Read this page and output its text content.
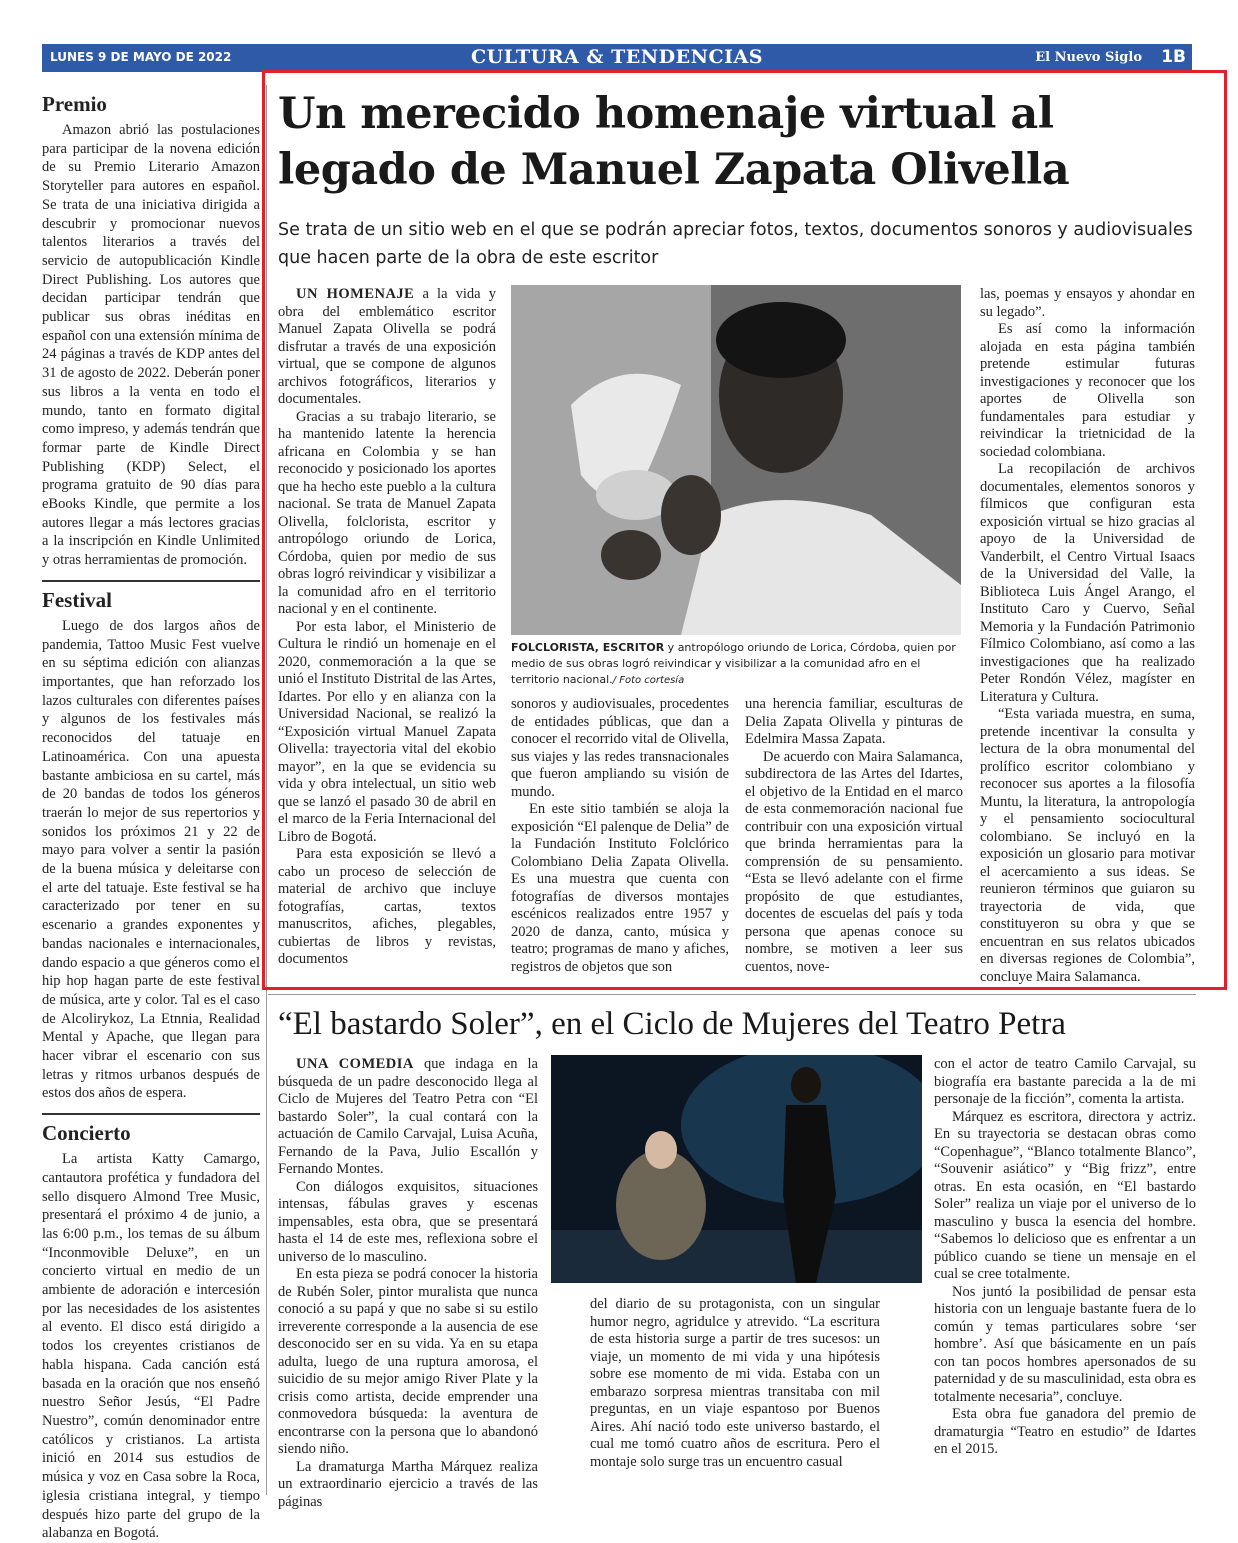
LUNES 9 DE MAYO DE 2022	CULTURA & TENDENCIAS	El Nuevo Siglo 1B
Premio

Amazon abrió las postulaciones para participar de la novena edición de su Premio Literario Amazon Storyteller para autores en español. Se trata de una iniciativa dirigida a descubrir y promocionar nuevos talentos literarios a través del servicio de autopublicación Kindle Direct Publishing. Los autores que decidan participar tendrán que publicar sus obras inéditas en español con una extensión mínima de 24 páginas a través de KDP antes del 31 de agosto de 2022. Deberán poner sus libros a la venta en todo el mundo, tanto en formato digital como impreso, y además tendrán que formar parte de Kindle Direct Publishing (KDP) Select, el programa gratuito de 90 días para eBooks Kindle, que permite a los autores llegar a más lectores gracias a la inscripción en Kindle Unlimited y otras herramientas de promoción.

Festival

Luego de dos largos años de pandemia, Tattoo Music Fest vuelve en su séptima edición con alianzas importantes, que han reforzado los lazos culturales con diferentes países y algunos de los festivales más reconocidos del tatuaje en Latinoamérica. Con una apuesta bastante ambiciosa en su cartel, más de 20 bandas de todos los géneros traerán lo mejor de sus repertorios y sonidos los próximos 21 y 22 de mayo para volver a sentir la pasión de la buena música y deleitarse con el arte del tatuaje. Este festival se ha caracterizado por tener en su escenario a grandes exponentes y bandas nacionales e internacionales, dando espacio a que géneros como el hip hop hagan parte de este festival de música, arte y color. Tal es el caso de Alcolirykoz, La Etnnia, Realidad Mental y Apache, que llegan para hacer vibrar el escenario con sus letras y ritmos urbanos después de estos dos años de espera.

Concierto

La artista Katty Camargo, cantautora profética y fundadora del sello disquero Almond Tree Music, presentará el próximo 4 de junio, a las 6:00 p.m., los temas de su álbum “Inconmovible Deluxe”, en un concierto virtual en medio de un ambiente de adoración e intercesión por las necesidades de los asistentes al evento. El disco está dirigido a todos los creyentes cristianos de habla hispana. Cada canción está basada en la oración que nos enseñó nuestro Señor Jesús, “El Padre Nuestro”, común denominador entre católicos y cristianos. La artista inició en 2014 sus estudios de música y voz en Casa sobre la Roca, iglesia cristiana integral, y tiempo después hizo parte del grupo de la alabanza en Bogotá.

Un merecido homenaje virtual al legado de Manuel Zapata Olivella
Se trata de un sitio web en el que se podrán apreciar fotos, textos, documentos sonoros y audiovisuales que hacen parte de la obra de este escritor

UN HOMENAJE a la vida y obra del emblemático escritor Manuel Zapata Olivella se podrá disfrutar a través de una exposición virtual, que se compone de algunos archivos fotográficos, literarios y documentales.

Gracias a su trabajo literario, se ha mantenido latente la herencia africana en Colombia y se han reconocido y posicionado los aportes que ha hecho este pueblo a la cultura nacional. Se trata de Manuel Zapata Olivella, folclorista, escritor y antropólogo oriundo de Lorica, Córdoba, quien por medio de sus obras logró reivindicar y visibilizar a la comunidad afro en el territorio nacional y en el continente.

Por esta labor, el Ministerio de Cultura le rindió un homenaje en el 2020, conmemoración a la que se unió el Instituto Distrital de las Artes, Idartes. Por ello y en alianza con la Universidad Nacional, se realizó la “Exposición virtual Manuel Zapata Olivella: trayectoria vital del ekobio mayor”, en la que se evidencia su vida y obra intelectual, un sitio web que se lanzó el pasado 30 de abril en el marco de la Feria Internacional del Libro de Bogotá.

Para esta exposición se llevó a cabo un proceso de selección de material de archivo que incluye fotografías, cartas, textos manuscritos, afiches, plegables, cubiertas de libros y revistas, documentos

FOLCLORISTA, ESCRITOR y antropólogo oriundo de Lorica, Córdoba, quien por medio de sus obras logró reivindicar y visibilizar a la comunidad afro en el territorio nacional./ Foto cortesía

sonoros y audiovisuales, procedentes de entidades públicas, que dan a conocer el recorrido vital de Olivella, sus viajes y las redes transnacionales que fueron ampliando su visión de mundo.

En este sitio también se aloja la exposición “El palenque de Delia” de la Fundación Instituto Folclórico Colombiano Delia Zapata Olivella. Es una muestra que cuenta con fotografías de diversos montajes escénicos realizados entre 1957 y 2020 de danza, canto, música y teatro; programas de mano y afiches, registros de objetos que son

una herencia familiar, esculturas de Delia Zapata Olivella y pinturas de Edelmira Massa Zapata.

De acuerdo con Maira Salamanca, subdirectora de las Artes del Idartes, el objetivo de la Entidad en el marco de esta conmemoración nacional fue contribuir con una exposición virtual que brinda herramientas para la comprensión de su pensamiento. “Esta se llevó adelante con el firme propósito de que estudiantes, docentes de escuelas del país y toda persona que apenas conoce su nombre, se motiven a leer sus cuentos, nove-

las, poemas y ensayos y ahondar en su legado”.

Es así como la información alojada en esta página también pretende estimular futuras investigaciones y reconocer que los aportes de Olivella son fundamentales para estudiar y reivindicar la trietnicidad de la sociedad colombiana.

La recopilación de archivos documentales, elementos sonoros y fílmicos que configuran esta exposición virtual se hizo gracias al apoyo de la Universidad de Vanderbilt, el Centro Virtual Isaacs de la Universidad del Valle, la Biblioteca Luis Ángel Arango, el Instituto Caro y Cuervo, Señal Memoria y la Fundación Patrimonio Fílmico Colombiano, así como a las investigaciones que ha realizado Peter Rondón Vélez, magíster en Literatura y Cultura.

“Esta variada muestra, en suma, pretende incentivar la consulta y lectura de la obra monumental del prolífico escritor colombiano y reconocer sus aportes a la filosofía Muntu, la literatura, la antropología y el pensamiento sociocultural colombiano. Se incluyó en la exposición un glosario para motivar el acercamiento a sus ideas. Se reunieron términos que guiaron su trayectoria de vida, que constituyeron su obra y que se encuentran en sus relatos ubicados en diversas regiones de Colombia”, concluye Maira Salamanca.

“El bastardo Soler”, en el Ciclo de Mujeres del Teatro Petra

UNA COMEDIA que indaga en la búsqueda de un padre desconocido llega al Ciclo de Mujeres del Teatro Petra con “El bastardo Soler”, la cual contará con la actuación de Camilo Carvajal, Luisa Acuña, Fernando de la Pava, Julio Escallón y Fernando Montes.

Con diálogos exquisitos, situaciones intensas, fábulas graves y escenas impensables, esta obra, que se presentará hasta el 14 de este mes, reflexiona sobre el universo de lo masculino.

En esta pieza se podrá conocer la historia de Rubén Soler, pintor muralista que nunca conoció a su papá y que no sabe si su estilo irreverente corresponde a la ausencia de ese desconocido ser en su vida. Ya en su etapa adulta, luego de una ruptura amorosa, el suicidio de su mejor amigo River Plate y la crisis como artista, decide emprender una conmovedora búsqueda: la aventura de encontrarse con la persona que lo abandonó siendo niño.

La dramaturga Martha Márquez realiza un extraordinario ejercicio a través de las páginas

del diario de su protagonista, con un singular humor negro, agridulce y atrevido. “La escritura de esta historia surge a partir de tres sucesos: un viaje, un momento de mi vida y una hipótesis sobre ese momento de mi vida. Estaba con un embarazo sorpresa mientras transitaba con mil preguntas, en un viaje espantoso por Buenos Aires. Ahí nació todo este universo bastardo, el cual me tomó cuatro años de escritura. Pero el montaje solo surge tras un encuentro casual

con el actor de teatro Camilo Carvajal, su biografía era bastante parecida a la de mi personaje de la ficción”, comenta la artista.

Márquez es escritora, directora y actriz. En su trayectoria se destacan obras como “Copenhague”, “Blanco totalmente Blanco”, “Souvenir asiático” y “Big frizz”, entre otras. En esta ocasión, en “El bastardo Soler” realiza un viaje por el universo de lo masculino y busca la esencia del hombre. “Sabemos lo delicioso que es enfrentar a un público cuando se tiene un mensaje en el cual se cree totalmente.

Nos juntó la posibilidad de pensar esta historia con un lenguaje bastante fuera de lo común y temas particulares sobre ‘ser hombre’. Así que básicamente en un país con tan pocos hombres apersonados de su paternidad y de su masculinidad, esta obra es totalmente necesaria”, concluye.

Esta obra fue ganadora del premio de dramaturgia “Teatro en estudio” de Idartes en el 2015.
